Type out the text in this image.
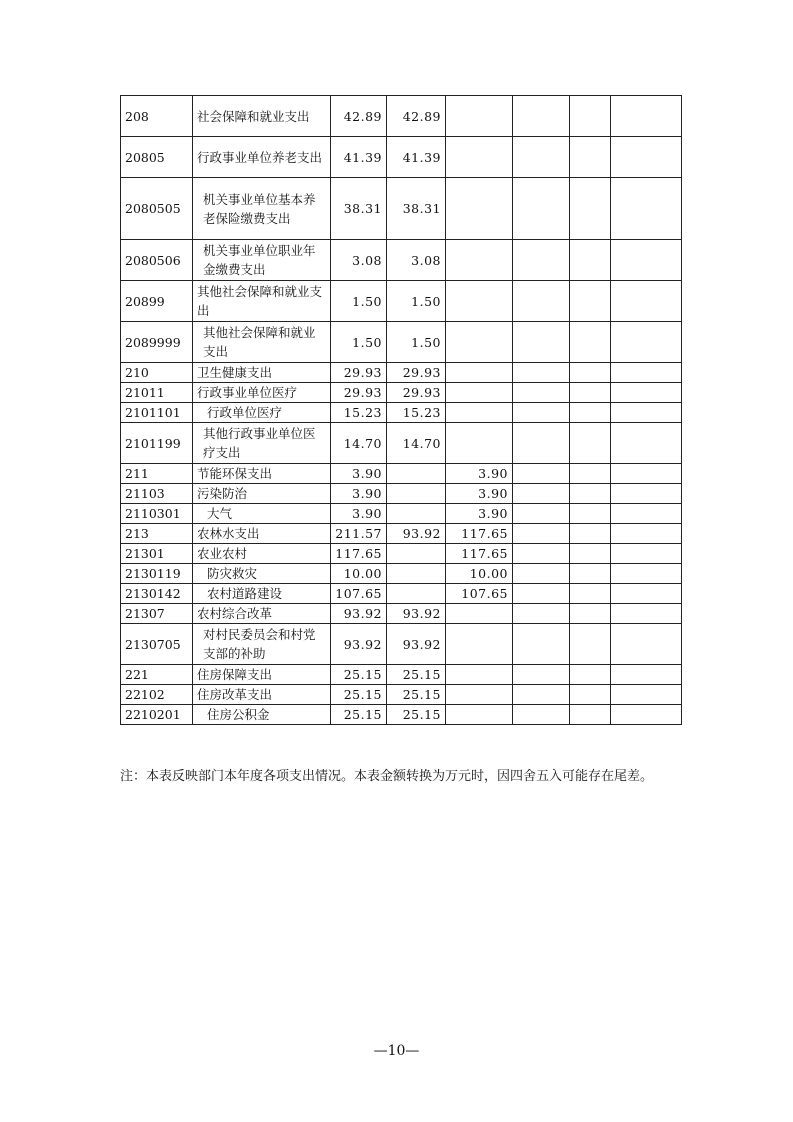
208	社会保障和就业支出	42.89	42.89				
20805	行政事业单位养老支出	41.39	41.39				
2080505	机关事业单位基本养老保险缴费支出	38.31	38.31				
2080506	机关事业单位职业年金缴费支出	3.08	3.08				
20899	其他社会保障和就业支出	1.50	1.50				
2089999	其他社会保障和就业支出	1.50	1.50				
210	卫生健康支出	29.93	29.93				
21011	行政事业单位医疗	29.93	29.93				
2101101	行政单位医疗	15.23	15.23				
2101199	其他行政事业单位医疗支出	14.70	14.70				
211	节能环保支出	3.90		3.90			
21103	污染防治	3.90		3.90			
2110301	大气	3.90		3.90			
213	农林水支出	211.57	93.92	117.65			
21301	农业农村	117.65		117.65			
2130119	防灾救灾	10.00		10.00			
2130142	农村道路建设	107.65		107.65			
21307	农村综合改革	93.92	93.92				
2130705	对村民委员会和村党支部的补助	93.92	93.92				
221	住房保障支出	25.15	25.15				
22102	住房改革支出	25.15	25.15				
2210201	住房公积金	25.15	25.15				
注：本表反映部门本年度各项支出情况。本表金额转换为万元时，因四舍五入可能存在尾差。
—10—
